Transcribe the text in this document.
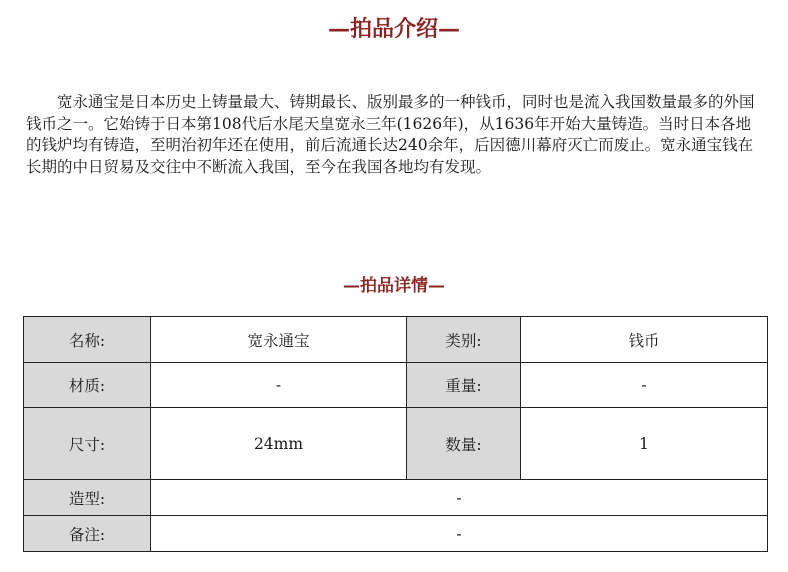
—拍品介绍—

宽永通宝是日本历史上铸量最大、铸期最长、版别最多的一种钱币，同时也是流入我国数量最多的外国钱币之一。它始铸于日本第108代后水尾天皇宽永三年(1626年)，从1636年开始大量铸造。当时日本各地的钱炉均有铸造，至明治初年还在使用，前后流通长达240余年，后因德川幕府灭亡而废止。宽永通宝钱在长期的中日贸易及交往中不断流入我国，至今在我国各地均有发现。

—拍品详情—
名称:	宽永通宝	类别:	钱币
材质:	-	重量:	-
尺寸:	24mm	数量:	1
造型:	-		
备注:	-		
